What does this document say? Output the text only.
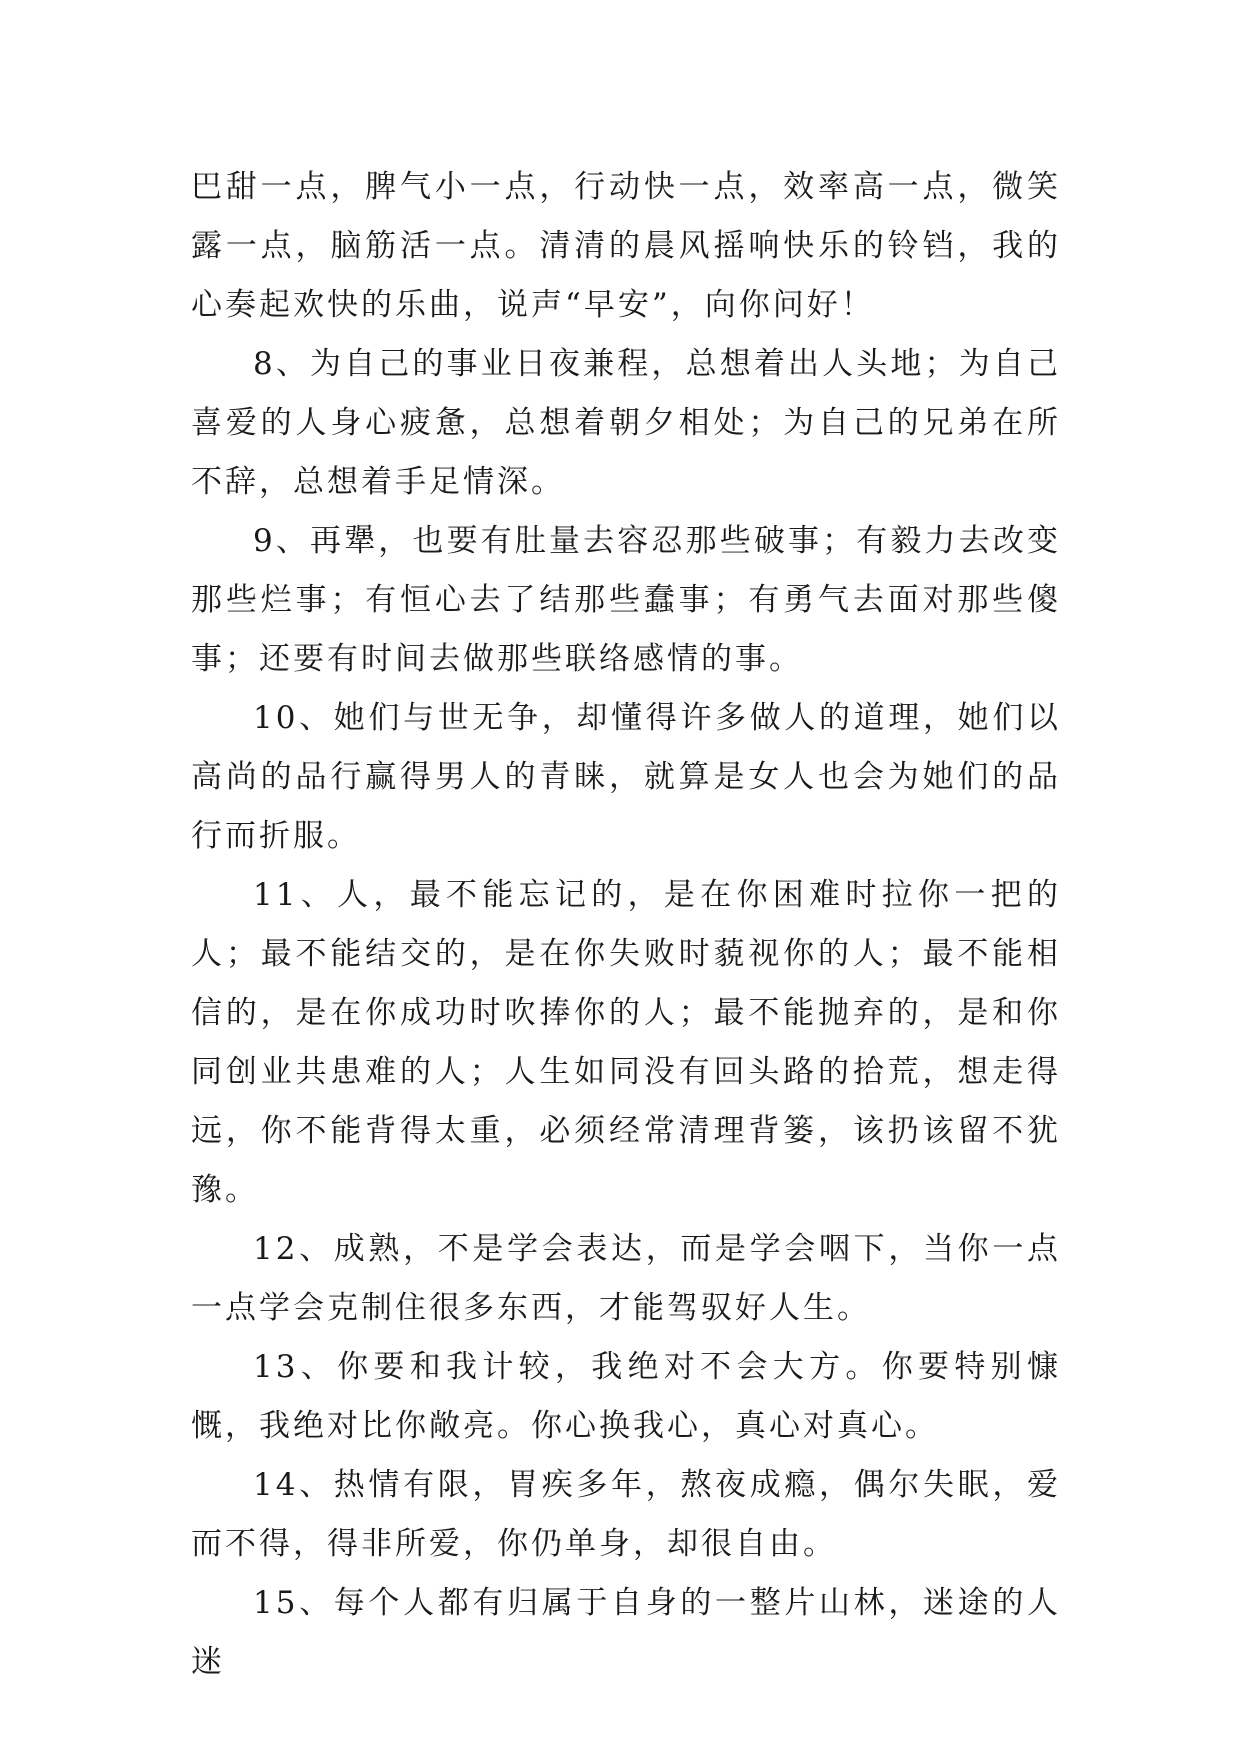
巴甜一点，脾气小一点，行动快一点，效率高一点，微笑露一点，脑筋活一点。清清的晨风摇响快乐的铃铛，我的心奏起欢快的乐曲，说声“早安”，向你问好！

8、为自己的事业日夜兼程，总想着出人头地；为自己喜爱的人身心疲惫，总想着朝夕相处；为自己的兄弟在所不辞，总想着手足情深。

9、再犟，也要有肚量去容忍那些破事；有毅力去改变那些烂事；有恒心去了结那些蠢事；有勇气去面对那些傻事；还要有时间去做那些联络感情的事。

10、她们与世无争，却懂得许多做人的道理，她们以高尚的品行赢得男人的青睐，就算是女人也会为她们的品行而折服。

11、人，最不能忘记的，是在你困难时拉你一把的人；最不能结交的，是在你失败时藐视你的人；最不能相信的，是在你成功时吹捧你的人；最不能抛弃的，是和你同创业共患难的人；人生如同没有回头路的拾荒，想走得远，你不能背得太重，必须经常清理背篓，该扔该留不犹豫。

12、成熟，不是学会表达，而是学会咽下，当你一点一点学会克制住很多东西，才能驾驭好人生。

13、你要和我计较，我绝对不会大方。你要特别慷慨，我绝对比你敞亮。你心换我心，真心对真心。

14、热情有限，胃疾多年，熬夜成瘾，偶尔失眠，爱而不得，得非所爱，你仍单身，却很自由。

15、每个人都有归属于自身的一整片山林，迷途的人迷
